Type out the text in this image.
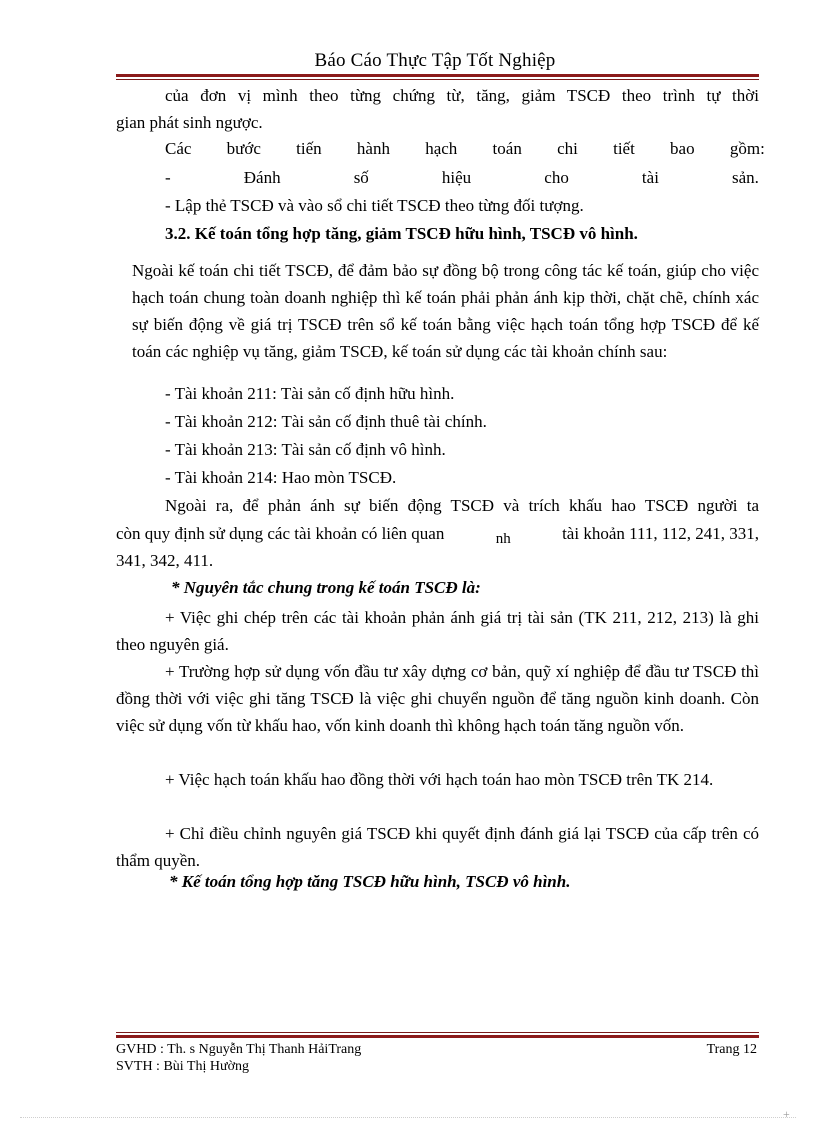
Báo Cáo Thực Tập Tốt Nghiệp
của đơn vị mình theo từng chứng từ, tăng, giảm TSCĐ theo trình tự thời
gian phát sinh ngược.
Các bước tiến hành hạch toán chi tiết bao gồm:
-	Đánh	số	hiệu	cho	tài	sản.
- Lập thẻ TSCĐ và vào sổ chi tiết TSCĐ theo từng đối tượng.
3.2. Kế toán tổng hợp tăng, giảm TSCĐ hữu hình, TSCĐ vô hình.
Ngoài kế toán chi tiết TSCĐ, để đảm bảo sự đồng bộ trong công tác kế toán, giúp cho việc hạch toán chung toàn doanh nghiệp thì kế toán phải phản ánh kịp thời, chặt chẽ, chính xác sự biến động về giá trị TSCĐ trên sổ kế toán bằng việc hạch toán tổng hợp TSCĐ để kế toán các nghiệp vụ tăng, giảm TSCĐ, kế toán sử dụng các tài khoản chính sau:
- Tài khoản 211: Tài sản cố định hữu hình.
- Tài khoản 212: Tài sản cố định thuê tài chính.
- Tài khoản 213: Tài sản cố định vô hình.
- Tài khoản 214: Hao mòn TSCĐ.
Ngoài ra, để phản ánh sự biến động TSCĐ và trích khấu hao TSCĐ người ta
còn quy định sử dụng các tài khoản có liên quan	nh	tài khoản 111, 112, 241, 331,
341, 342, 411.
* Nguyên tắc chung trong kế toán TSCĐ là:
+ Việc ghi chép trên các tài khoản phản ánh giá trị tài sản (TK 211, 212, 213) là ghi theo nguyên giá.
+ Trường hợp sử dụng vốn đầu tư xây dựng cơ bản, quỹ xí nghiệp để đầu tư TSCĐ thì đồng thời với việc ghi tăng TSCĐ là việc ghi chuyển nguồn để tăng nguồn kinh doanh. Còn việc sử dụng vốn từ khấu hao, vốn kinh doanh thì không hạch toán tăng nguồn vốn.
+ Việc hạch toán khấu hao đồng thời với hạch toán hao mòn TSCĐ trên TK 214.
+ Chỉ điều chỉnh nguyên giá TSCĐ khi quyết định đánh giá lại TSCĐ của cấp trên có thẩm quyền.
* Kế toán tổng hợp tăng TSCĐ hữu hình, TSCĐ vô hình.
GVHD : Th. s Nguyễn Thị Thanh HảiTrang	Trang 12
SVTH : Bùi Thị Hường
+
